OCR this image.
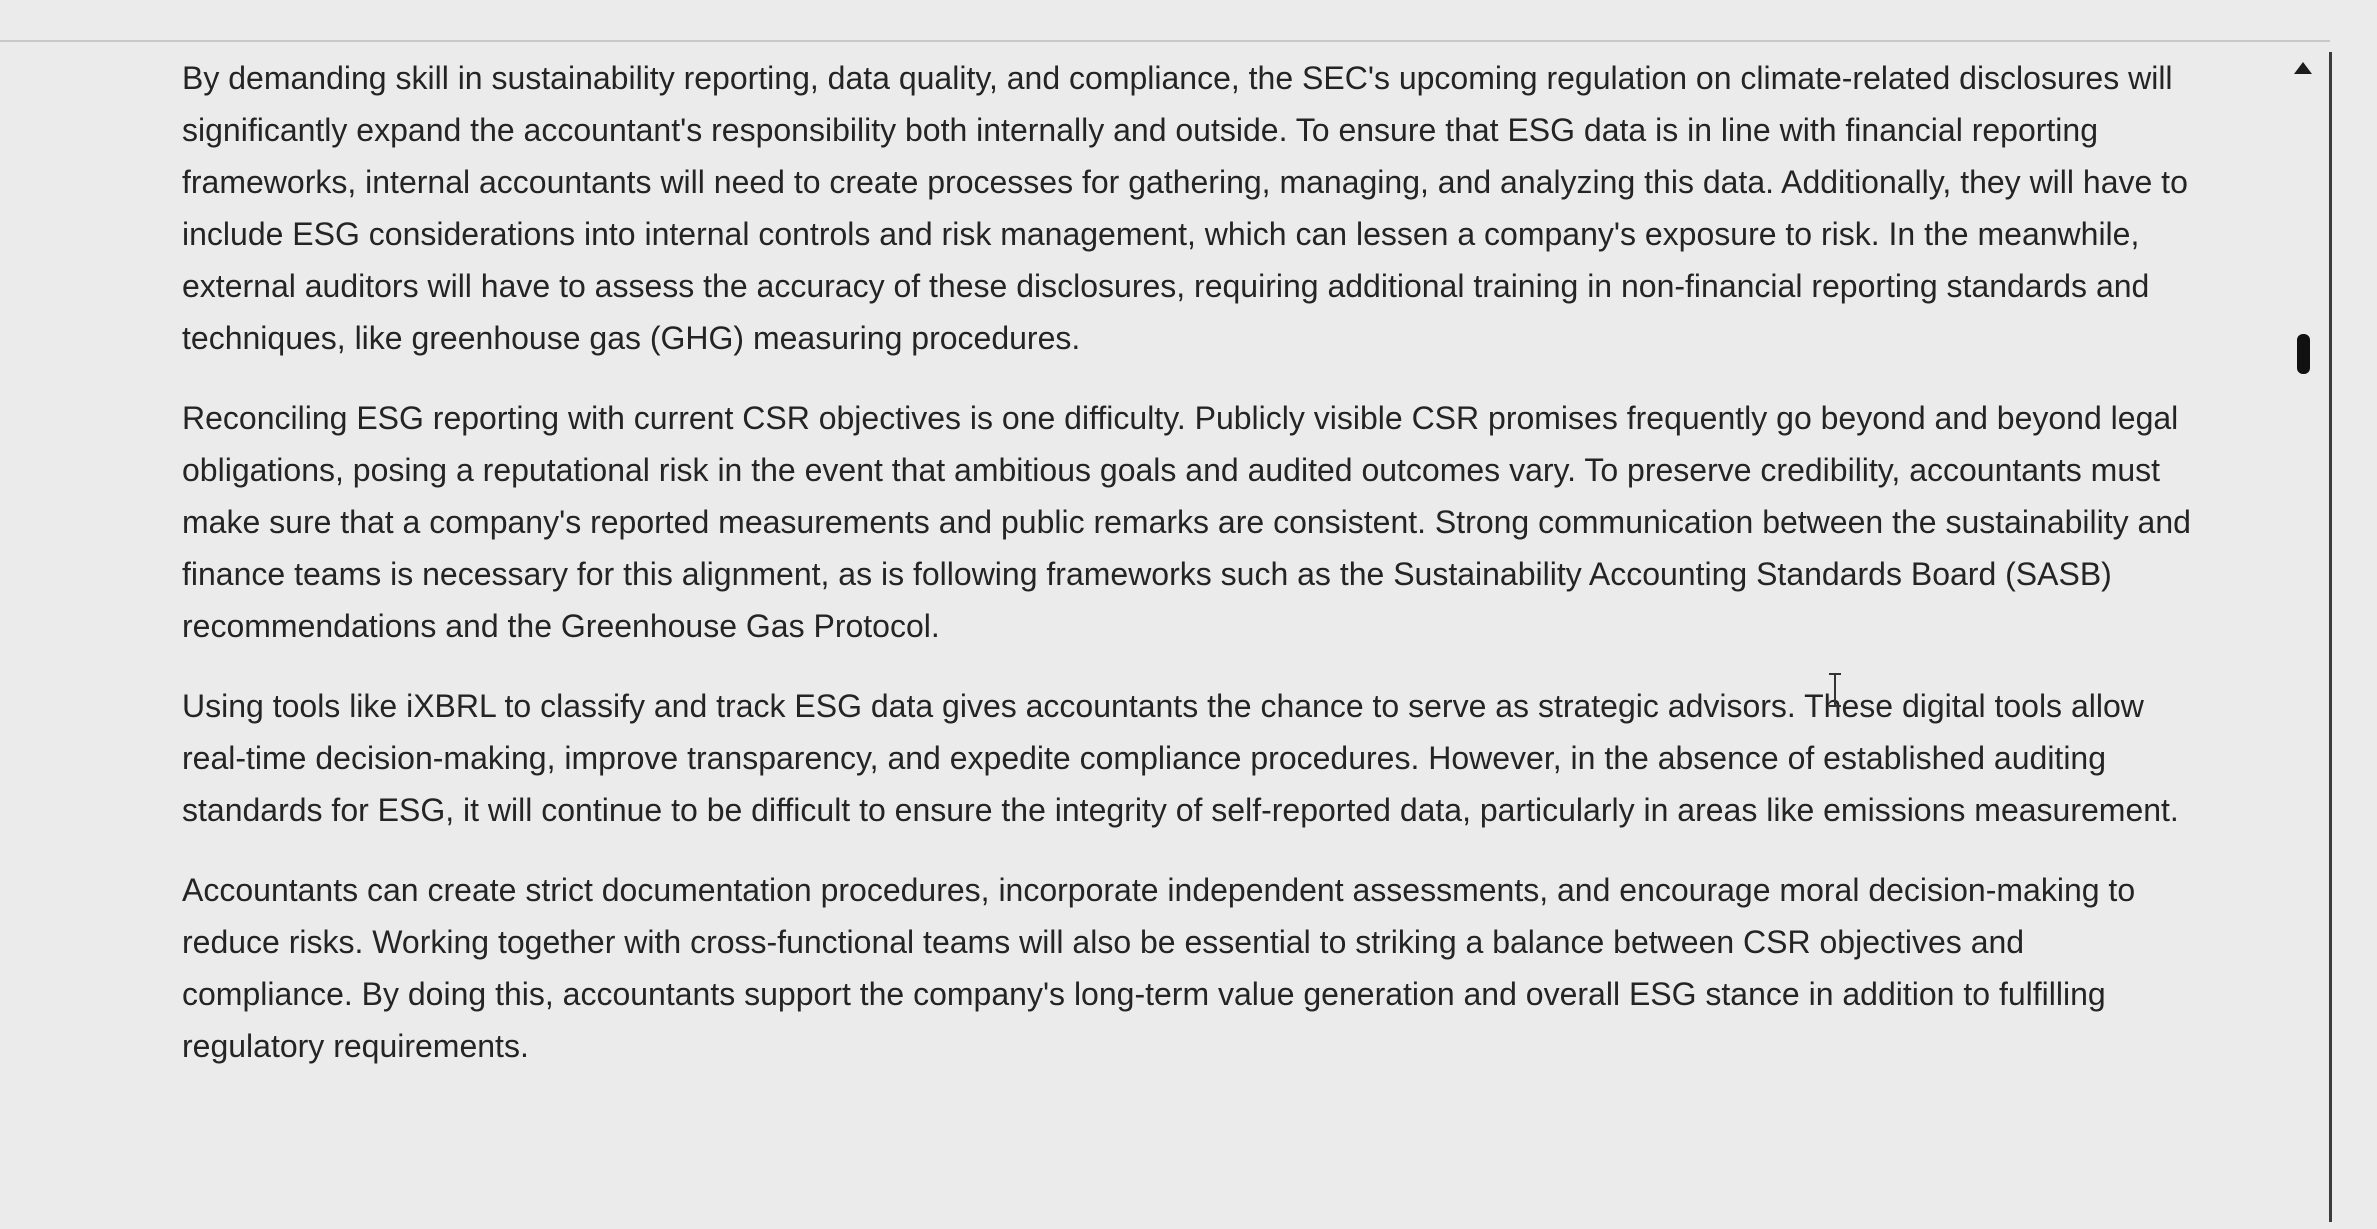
By demanding skill in sustainability reporting, data quality, and compliance, the SEC's upcoming regulation on climate-related disclosures will significantly expand the accountant's responsibility both internally and outside. To ensure that ESG data is in line with financial reporting frameworks, internal accountants will need to create processes for gathering, managing, and analyzing this data. Additionally, they will have to include ESG considerations into internal controls and risk management, which can lessen a company's exposure to risk. In the meanwhile, external auditors will have to assess the accuracy of these disclosures, requiring additional training in non-financial reporting standards and techniques, like greenhouse gas (GHG) measuring procedures.

Reconciling ESG reporting with current CSR objectives is one difficulty. Publicly visible CSR promises frequently go beyond and beyond legal obligations, posing a reputational risk in the event that ambitious goals and audited outcomes vary. To preserve credibility, accountants must make sure that a company's reported measurements and public remarks are consistent. Strong communication between the sustainability and finance teams is necessary for this alignment, as is following frameworks such as the Sustainability Accounting Standards Board (SASB) recommendations and the Greenhouse Gas Protocol.

Using tools like iXBRL to classify and track ESG data gives accountants the chance to serve as strategic advisors. These digital tools allow real-time decision-making, improve transparency, and expedite compliance procedures. However, in the absence of established auditing standards for ESG, it will continue to be difficult to ensure the integrity of self-reported data, particularly in areas like emissions measurement.

Accountants can create strict documentation procedures, incorporate independent assessments, and encourage moral decision-making to reduce risks. Working together with cross-functional teams will also be essential to striking a balance between CSR objectives and compliance. By doing this, accountants support the company's long-term value generation and overall ESG stance in addition to fulfilling regulatory requirements.
